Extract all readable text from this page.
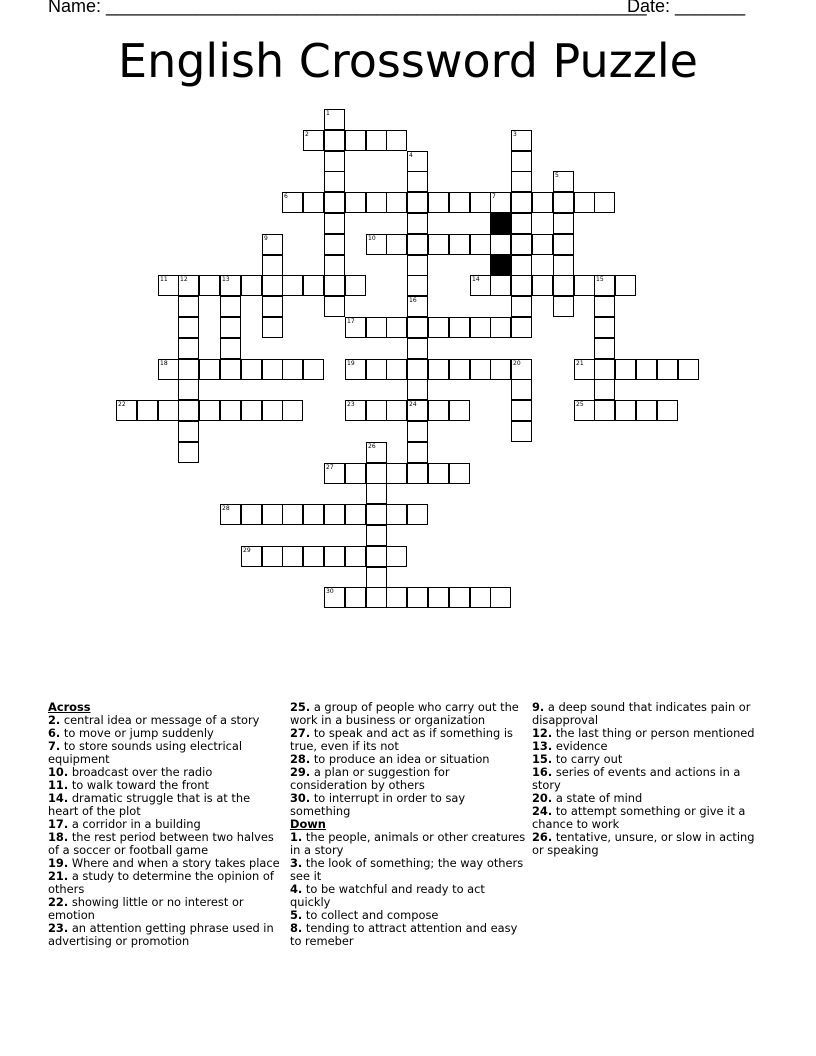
Name: ______________________________________________________
Date: _______
English Crossword Puzzle
2
6	7
10
11 12	13	14	15
17
18	19	21
22	23	24	25
27
28
29
30
1
3
4
5
9
16
20
26
Across
2. central idea or message of a story
6. to move or jump suddenly
7. to store sounds using electrical equipment
10. broadcast over the radio
11. to walk toward the front
14. dramatic struggle that is at the heart of the plot
17. a corridor in a building
18. the rest period between two halves of a soccer or football game
19. Where and when a story takes place
21. a study to determine the opinion of others
22. showing little or no interest or emotion
23. an attention getting phrase used in advertising or promotion
25. a group of people who carry out the work in a business or organization
27. to speak and act as if something is true, even if its not
28. to produce an idea or situation
29. a plan or suggestion for consideration by others
30. to interrupt in order to say something
Down
1. the people, animals or other creatures in a story
3. the look of something; the way others see it
4. to be watchful and ready to act quickly
5. to collect and compose
8. tending to attract attention and easy to remeber
9. a deep sound that indicates pain or disapproval
12. the last thing or person mentioned
13. evidence
15. to carry out
16. series of events and actions in a story
20. a state of mind
24. to attempt something or give it a chance to work
26. tentative, unsure, or slow in acting or speaking
